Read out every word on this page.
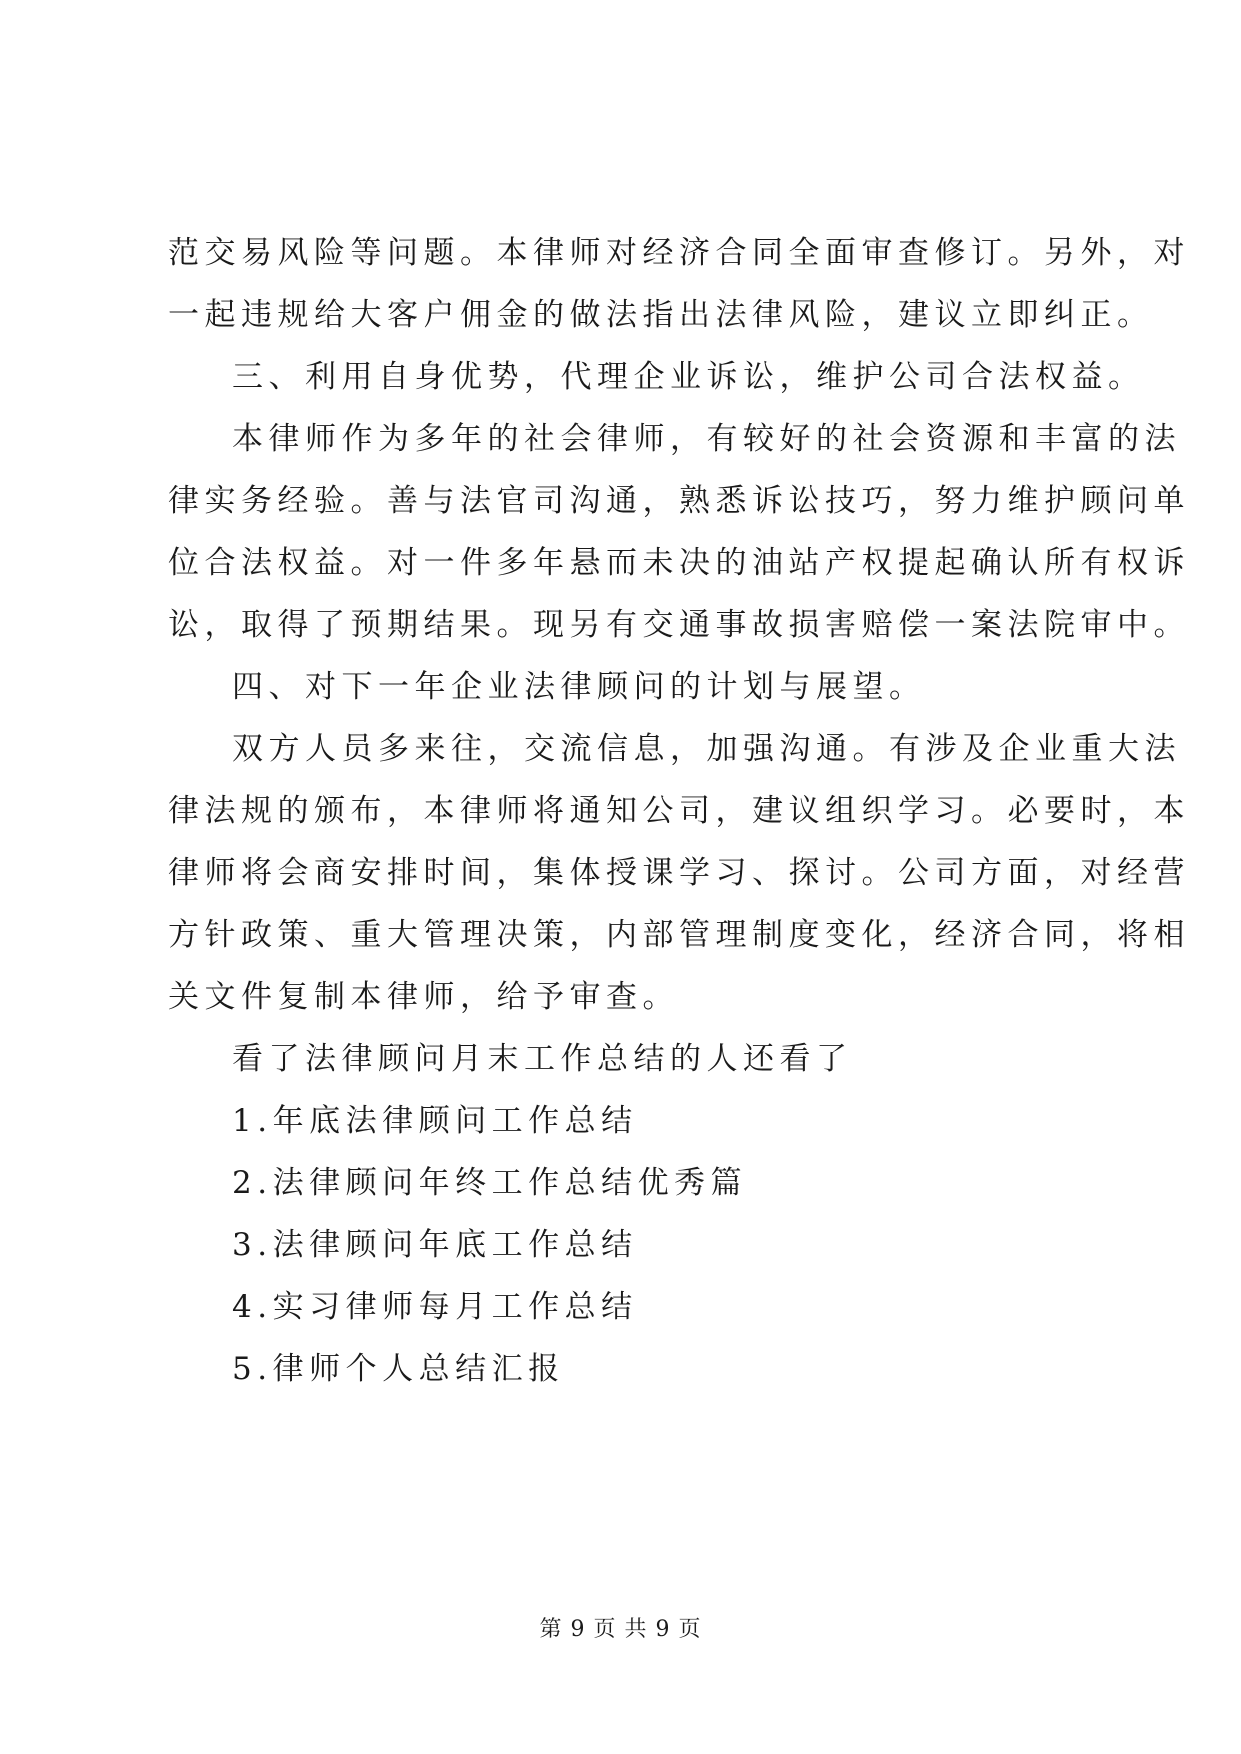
范交易风险等问题。本律师对经济合同全面审查修订。另外，对
一起违规给大客户佣金的做法指出法律风险，建议立即纠正。
三、利用自身优势，代理企业诉讼，维护公司合法权益。
本律师作为多年的社会律师，有较好的社会资源和丰富的法
律实务经验。善与法官司沟通，熟悉诉讼技巧，努力维护顾问单
位合法权益。对一件多年悬而未决的油站产权提起确认所有权诉
讼，取得了预期结果。现另有交通事故损害赔偿一案法院审中。
四、对下一年企业法律顾问的计划与展望。
双方人员多来往，交流信息，加强沟通。有涉及企业重大法
律法规的颁布，本律师将通知公司，建议组织学习。必要时，本
律师将会商安排时间，集体授课学习、探讨。公司方面，对经营
方针政策、重大管理决策，内部管理制度变化，经济合同，将相
关文件复制本律师，给予审查。
看了法律顾问月末工作总结的人还看了
1.年底法律顾问工作总结
2.法律顾问年终工作总结优秀篇
3.法律顾问年底工作总结
4.实习律师每月工作总结
5.律师个人总结汇报
第 9 页 共 9 页
